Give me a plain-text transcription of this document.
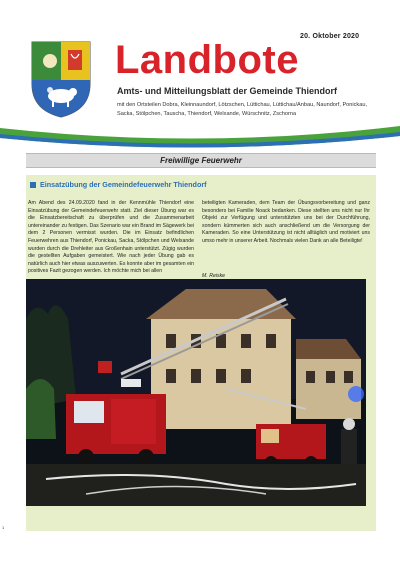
20. Oktober 2020
Landbote
Amts- und Mitteilungsblatt der Gemeinde Thiendorf
mit den Ortsteilen Dobra, Kleinnaundorf, Lötzschen, Lüttichau, Lüttichau/Anbau, Naundorf, Ponickau, Sacka, Stölpchen, Tauscha, Thiendorf, Welxande, Würschnitz, Zschorna
Freiwillige Feuerwehr
Einsatzübung der Gemeindefeuerwehr Thiendorf
Am Abend des 24.09.2020 fand in der Kennmühle Thiendorf eine Einsatzübung der Gemeindefeuerwehr statt. Ziel dieser Übung war es die Einsatzbereitschaft zu überprüfen und die Zusammenarbeit untereinander zu festigen. Das Szenario war ein Brand im Sägewerk bei dem 2 Personen vermisst wurden. Die im Einsatz befindlichen Feuerwehren aus Thiendorf, Ponickau, Sacka, Stölpchen und Welxande wurden durch die Drehleiter aus Großenhain unterstützt. Zügig wurden die gestellten Aufgaben gemeistert. Wie nach jeder Übung gab es natürlich auch hier etwas auszuwerten. Es konnte aber im gesamten ein positives Fazit gezogen werden. Ich möchte mich bei allen
beteiligten Kameraden, dem Team der Übungsvorbereitung und ganz besonders bei Familie Noack bedanken. Diese stellten uns nicht nur Ihr Objekt zur Verfügung und unterstützten uns bei der Durchführung, sondern kümmerten sich auch anschließend um die Versorgung der Kameraden. So eine Unterstützung ist nicht alltäglich und motiviert uns umso mehr in unserer Arbeit. Nochmals vielen Dank an alle Beteiligte!
M. Reiske
1
